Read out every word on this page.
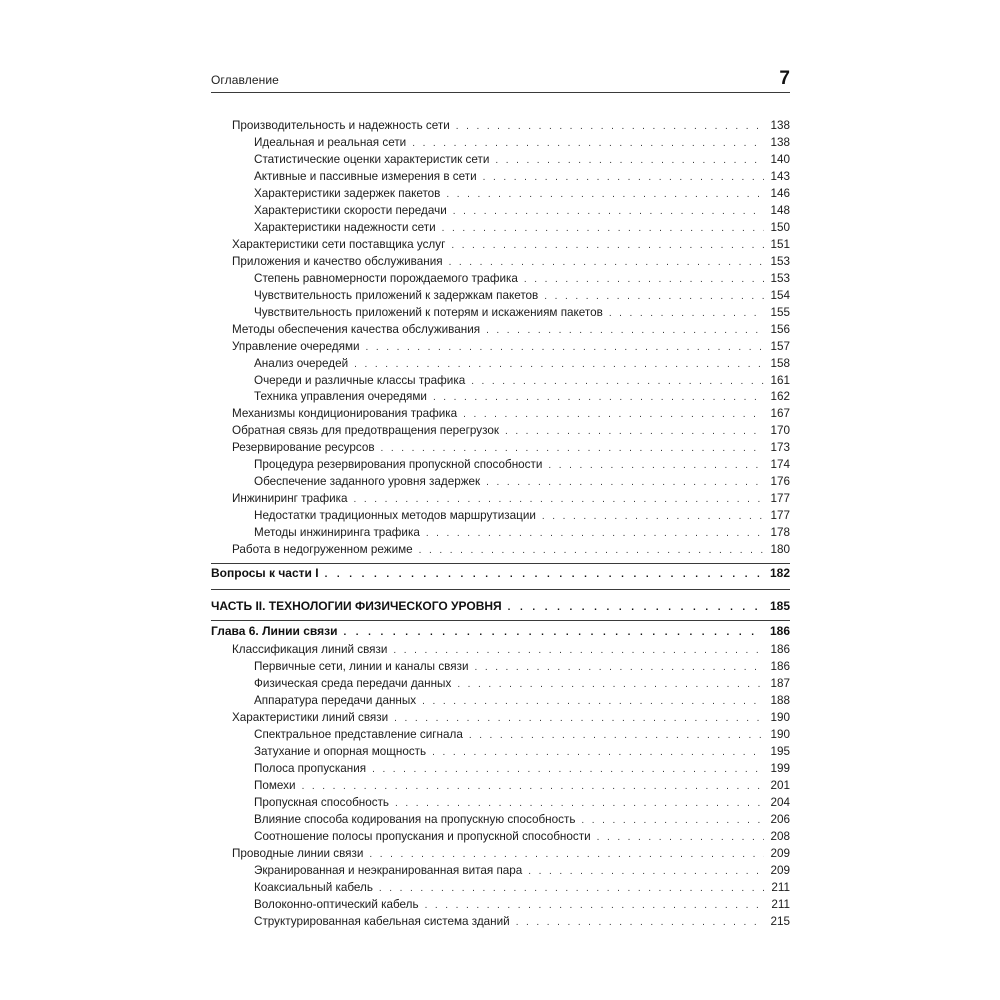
Оглавление	7
Производительность и надежность сети . . .	138
Идеальная и реальная сети . . .	138
Статистические оценки характеристик сети . . .	140
Активные и пассивные измерения в сети . . .	143
Характеристики задержек пакетов . . .	146
Характеристики скорости передачи . . .	148
Характеристики надежности сети . . .	150
Характеристики сети поставщика услуг . . .	151
Приложения и качество обслуживания . . .	153
Степень равномерности порождаемого трафика . . .	153
Чувствительность приложений к задержкам пакетов . . .	154
Чувствительность приложений к потерям и искажениям пакетов . . .	155
Методы обеспечения качества обслуживания . . .	156
Управление очередями . . .	157
Анализ очередей . . .	158
Очереди и различные классы трафика . . .	161
Техника управления очередями . . .	162
Механизмы кондиционирования трафика . . .	167
Обратная связь для предотвращения перегрузок . . .	170
Резервирование ресурсов . . .	173
Процедура резервирования пропускной способности . . .	174
Обеспечение заданного уровня задержек . . .	176
Инжиниринг трафика . . .	177
Недостатки традиционных методов маршрутизации . . .	177
Методы инжиниринга трафика . . .	178
Работа в недогруженном режиме . . .	180
Вопросы к части I . . .	182
ЧАСТЬ II. ТЕХНОЛОГИИ ФИЗИЧЕСКОГО УРОВНЯ . . .	185
Глава 6. Линии связи . . .	186
Классификация линий связи . . .	186
Первичные сети, линии и каналы связи . . .	186
Физическая среда передачи данных . . .	187
Аппаратура передачи данных . . .	188
Характеристики линий связи . . .	190
Спектральное представление сигнала . . .	190
Затухание и опорная мощность . . .	195
Полоса пропускания . . .	199
Помехи . . .	201
Пропускная способность . . .	204
Влияние способа кодирования на пропускную способность . . .	206
Соотношение полосы пропускания и пропускной способности . . .	208
Проводные линии связи . . .	209
Экранированная и неэкранированная витая пара . . .	209
Коаксиальный кабель . . .	211
Волоконно-оптический кабель . . .	211
Структурированная кабельная система зданий . . .	215
